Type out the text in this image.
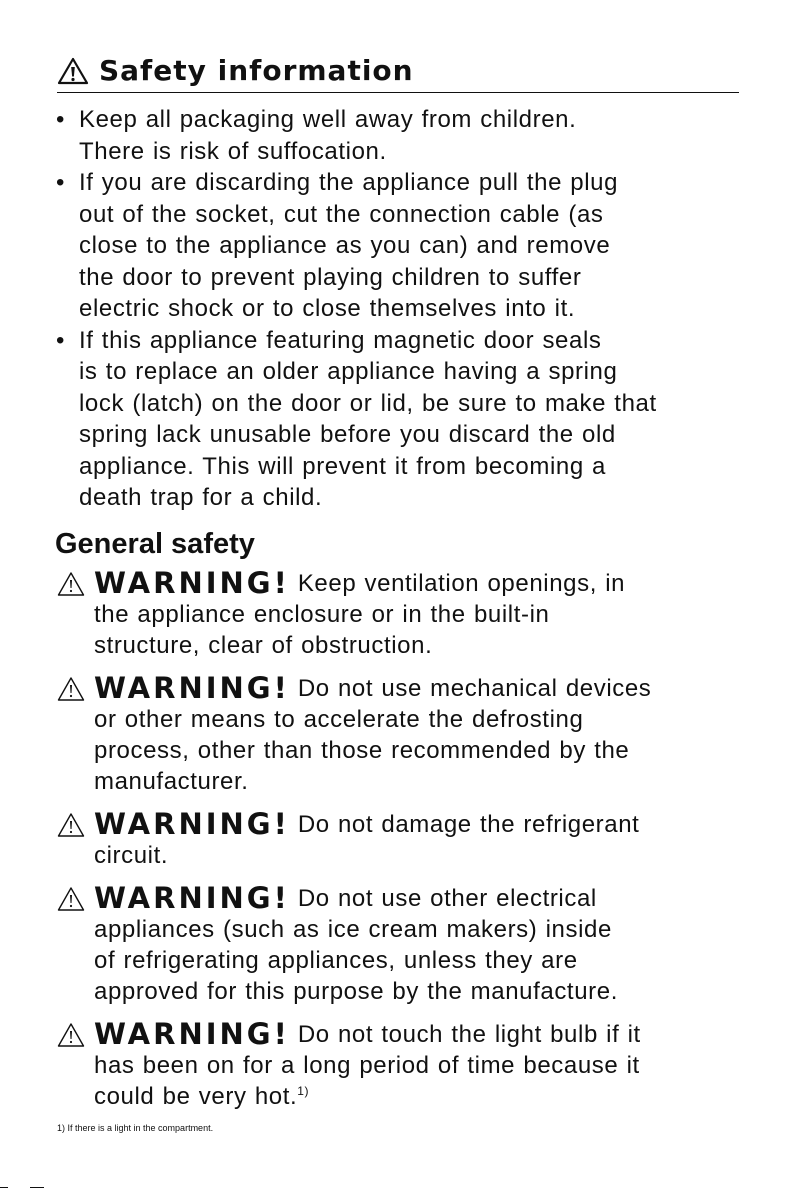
Safety information
• Keep all packaging well away from children.
There is risk of suffocation.
• If you are discarding the appliance pull the plug
out of the socket, cut the connection cable (as
close to the appliance as you can) and remove
the door to prevent playing children to suffer
electric shock or to close themselves into it.
• If this appliance featuring magnetic door seals
is to replace an older appliance having a spring
lock (latch) on the door or lid, be sure to make that
spring lack unusable before you discard the old
appliance. This will prevent it from becoming a
death trap for a child.
General safety
WARNING! Keep ventilation openings, in
the appliance enclosure or in the built-in
structure, clear of obstruction.
WARNING! Do not use mechanical devices
or other means to accelerate the defrosting
process, other than those recommended by the
manufacturer.
WARNING! Do not damage the refrigerant
circuit.
WARNING! Do not use other electrical
appliances (such as ice cream makers) inside
of refrigerating appliances, unless they are
approved for this purpose by the manufacture.
WARNING! Do not touch the light bulb if it
has been on for a long period of time because it
could be very hot.$^{1)}$
1) If there is a light in the compartment.
